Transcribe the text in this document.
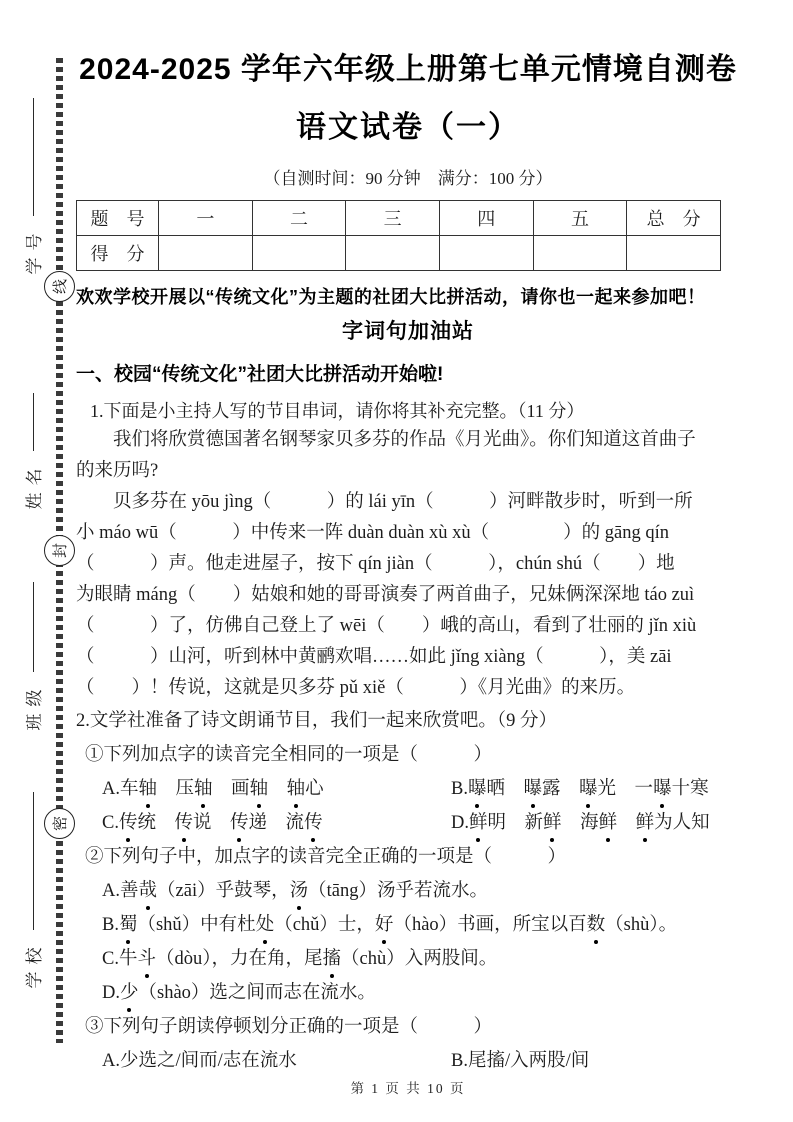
学号
姓名
班级
学校
线
封
密
2024-2025 学年六年级上册第七单元情境自测卷
语文试卷（一）
（自测时间：90 分钟　满分：100 分）
题　号	一	二	三	四	五	总　分
得　分						
欢欢学校开展以“传统文化”为主题的社团大比拼活动，请你也一起来参加吧！
字词句加油站
一、校园“传统文化”社团大比拼活动开始啦!
1.下面是小主持人写的节目串词，请你将其补充完整。（11 分）
我们将欣赏德国著名钢琴家贝多芬的作品《月光曲》。你们知道这首曲子
的来历吗?
贝多芬在 yōu jìng（　　　）的 lái yīn（　　　）河畔散步时，听到一所
小 máo wū（　　　）中传来一阵 duàn duàn xù xù（　　　　）的 gāng qín
（　　　）声。他走进屋子，按下 qín jiàn（　　　），chún shú（　　）地
为眼睛 máng（　　）姑娘和她的哥哥演奏了两首曲子，兄妹俩深深地 táo zuì
（　　　）了，仿佛自己登上了 wēi（　　）峨的高山，看到了壮丽的 jǐn xiù
（　　　）山河，听到林中黄鹂欢唱……如此 jǐng xiàng（　　　），美 zāi
（　　）！传说，这就是贝多芬 pǔ xiě（　　　）《月光曲》的来历。
2.文学社准备了诗文朗诵节目，我们一起来欣赏吧。（9 分）
①下列加点字的读音完全相同的一项是（　　　）
A.车轴　压轴　画轴　 轴心	B.曝晒　曝露　曝光　一曝十寒
C.传统　传说　传递　流传	D.鲜明　新鲜　海鲜　 鲜为人知
②下列句子中，加点字的读音完全正确的一项是（　　　）
A.善哉（zāi）乎鼓琴，汤（tāng）汤乎若流水。
B.蜀（shǔ）中有杜处（chǔ）士，好（hào）书画，所宝以百数（shù）。
C.牛斗（dòu），力在角，尾搐（chù）入两股间。
D.少（shào）选之间而志在流水。
③下列句子朗读停顿划分正确的一项是（　　　）
A.少选之/间而/志在流水	B.尾搐/入两股/间
第 1 页 共 10 页
